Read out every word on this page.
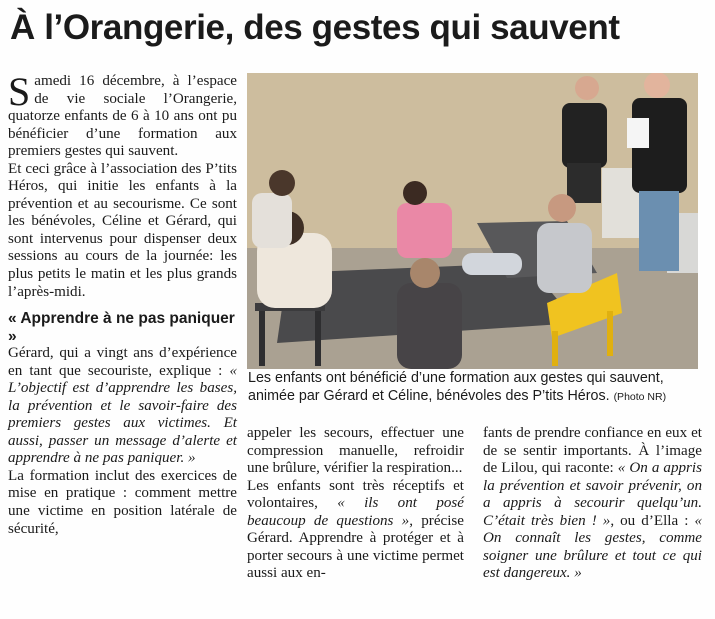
À l’Orangerie, des gestes qui sauvent

Samedi 16 décembre, à l’espace de vie sociale l’Orangerie, quatorze enfants de 6 à 10 ans ont pu bénéficier d’une formation aux premiers gestes qui sauvent.

Et ceci grâce à l’association des P’tits Héros, qui initie les enfants à la prévention et au secourisme. Ce sont les bénévoles, Céline et Gérard, qui sont intervenus pour dispenser deux sessions au cours de la journée: les plus petits le matin et les plus grands l’après-midi.

« Apprendre à ne pas paniquer »

Gérard, qui a vingt ans d’expérience en tant que secouriste, explique : « L’objectif est d’apprendre les bases, la prévention et le savoir-faire des premiers gestes aux victimes. Et aussi, passer un message d’alerte et apprendre à ne pas paniquer. »

La formation inclut des exercices de mise en pratique : comment mettre une victime en position latérale de sécurité,

Les enfants ont bénéficié d’une formation aux gestes qui sauvent, animée par Gérard et Céline, bénévoles des P’tits Héros. (Photo NR)

appeler les secours, effectuer une compression manuelle, refroidir une brûlure, vérifier la respiration...

Les enfants sont très réceptifs et volontaires, « ils ont posé beaucoup de questions », précise Gérard. Apprendre à protéger et à porter secours à une victime permet aussi aux en-

fants de prendre confiance en eux et de se sentir importants. À l’image de Lilou, qui raconte: « On a appris la prévention et savoir prévenir, on a appris à secourir quelqu’un. C’était très bien ! », ou d’Ella : « On connaît les gestes, comme soigner une brûlure et tout ce qui est dangereux. »
